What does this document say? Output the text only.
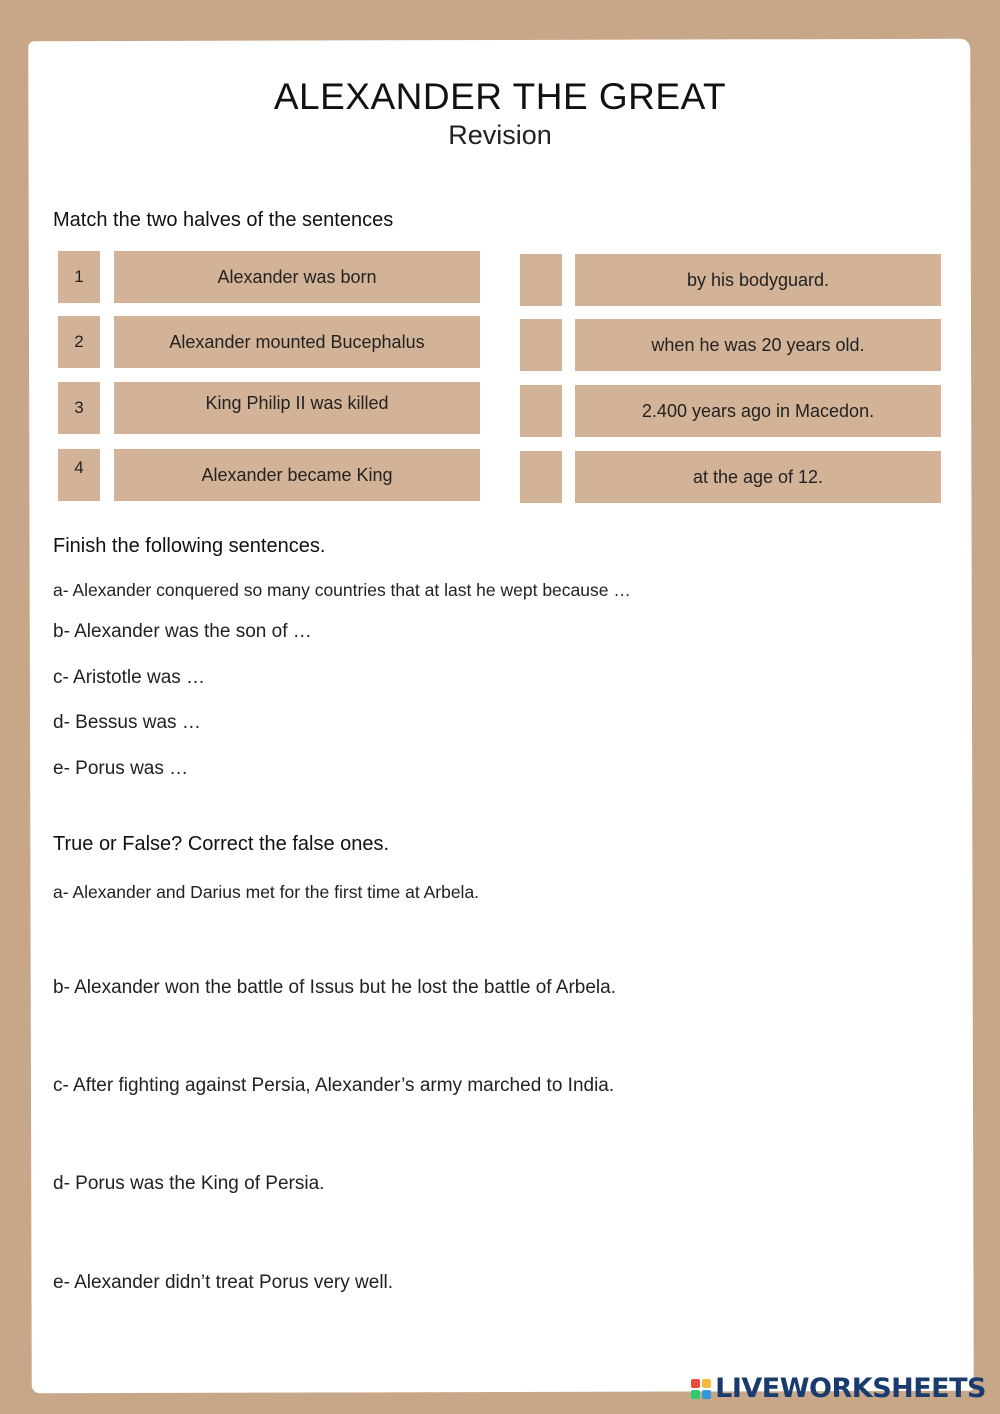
ALEXANDER THE GREAT
Revision
Match the two halves of the sentences
1	Alexander was born	by his bodyguard.
2	Alexander mounted Bucephalus	when he was 20 years old.
3	King Philip II was killed	2.400 years ago in Macedon.
4	Alexander became King	at the age of 12.
Finish the following sentences.
a- Alexander conquered so many countries that at last he wept because …
b- Alexander was the son of …
c- Aristotle was …
d- Bessus was …
e- Porus was …
True or False? Correct the false ones.
a- Alexander and Darius met for the first time at Arbela.
b- Alexander won the battle of Issus but he lost the battle of Arbela.
c- After fighting against Persia, Alexander’s army marched to India.
d- Porus was the King of Persia.
e- Alexander didn’t treat Porus very well.
LIVEWORKSHEETS
